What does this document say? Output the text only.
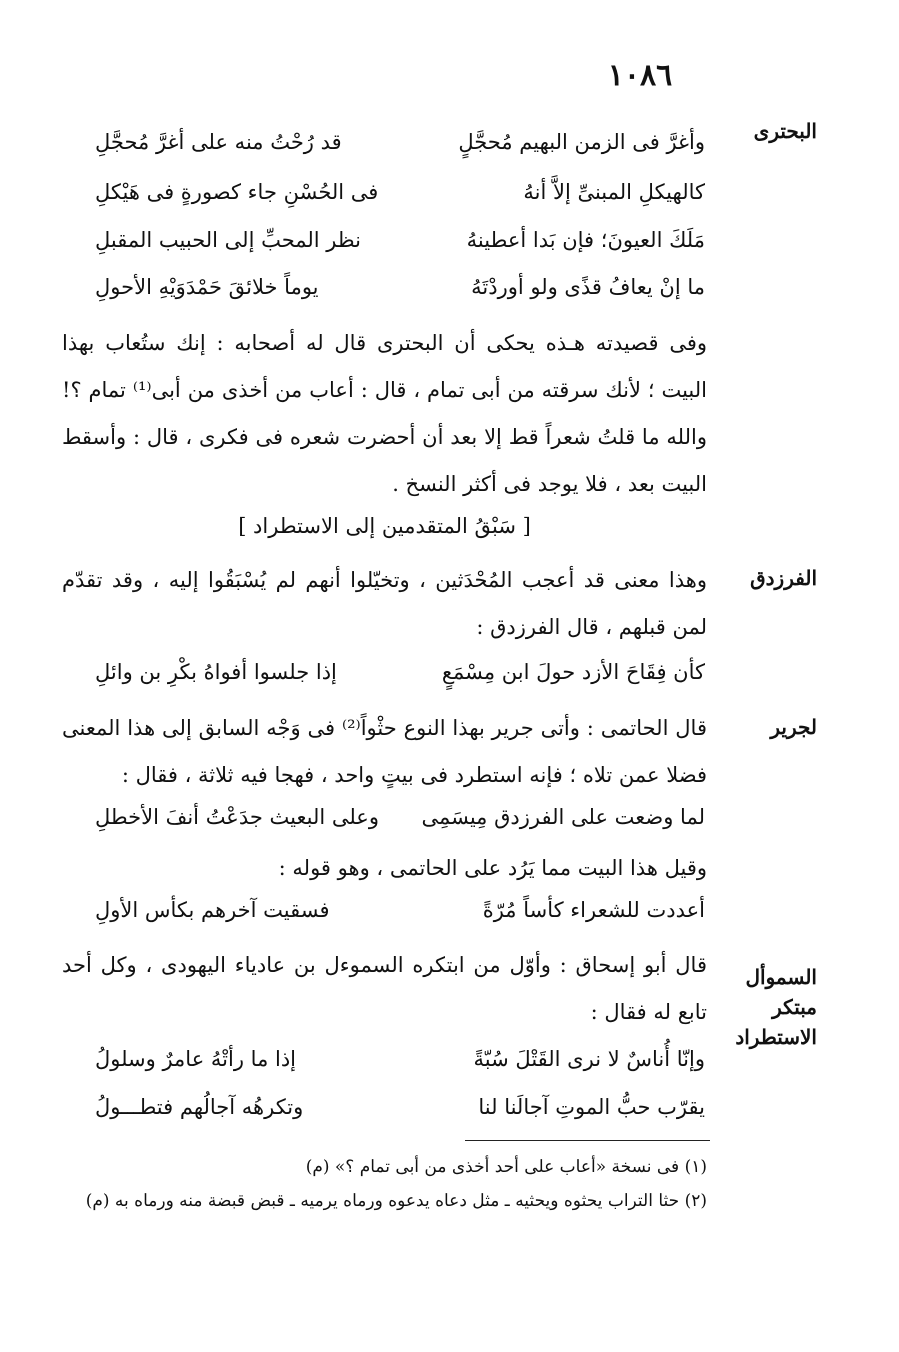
١٠٨٦
البحترى
الفرزدق
لجرير
السموأل
مبتكر
الاستطراد
وأغرَّ فى الزمن البهيم مُحجَّلٍ
قد رُحْتُ منه على أغرَّ مُحجَّلِ
كالهيكلِ المبنىِّ إلاَّ أنهُ
فى الحُسْنِ جاء كصورةٍ فى هَيْكلِ
مَلَكَ العيونَ؛ فإن بَدا أعطينهُ
نظر المحبِّ إلى الحبيب المقبلِ
ما إنْ يعافُ قذًى ولو أوردْتَهُ
يوماً خلائقَ حَمْدَوَيْهِ الأحولِ
وفى قصيدته هـذه يحكى أن البحترى قال له أصحابه : إنك ستُعاب بهذا البيت ؛ لأنك سرقته من أبى تمام ، قال : أعاب من أخذى من أبى⁽¹⁾ تمام ؟! والله ما قلتُ شعراً قط إلا بعد أن أحضرت شعره فى فكرى ، قال : وأسقط البيت بعد ، فلا يوجد فى أكثر النسخ .
[ سَبْقُ المتقدمين إلى الاستطراد ]
وهذا معنى قد أعجب المُحْدَثين ، وتخيّلوا أنهم لم يُسْبَقُوا إليه ، وقد تقدّم لمن قبلهم ، قال الفرزدق :
كأن فِقَاحَ الأزد حولَ ابن مِسْمَعٍ
إذا جلسوا أفواهُ بكْرِ بن وائلِ
قال الحاتمى : وأتى جرير بهذا النوع حثْواً⁽²⁾ فى وَجْه السابق إلى هذا المعنى فضلا عمن تلاه ؛ فإنه استطرد فى بيتٍ واحد ، فهجا فيه ثلاثة ، فقال :
لما وضعت على الفرزدق مِيسَمِى
وعلى البعيث جدَعْتُ أنفَ الأخطلِ
وقيل هذا البيت مما يَرُد على الحاتمى ، وهو قوله :
أعددت للشعراء كأساً مُرّةً
فسقيت آخرهم بكأس الأولِ
قال أبو إسحاق : وأوّل من ابتكره السموءل بن عادياء اليهودى ، وكل أحد تابع له فقال :
وإنّا أُناسٌ لا نرى القَتْلَ سُبّةً
إذا ما رأتْهُ عامرٌ وسلولُ
يقرّب حبُّ الموتِ آجالَنا لنا
وتكرهُه آجالُهم فتطـــولُ
(١) فى نسخة «أعاب على أحد أخذى من أبى تمام ؟» (م)
(٢) حثا التراب يحثوه ويحثيه ـ مثل دعاه يدعوه ورماه يرميه ـ قبض قبضة منه ورماه به (م)
